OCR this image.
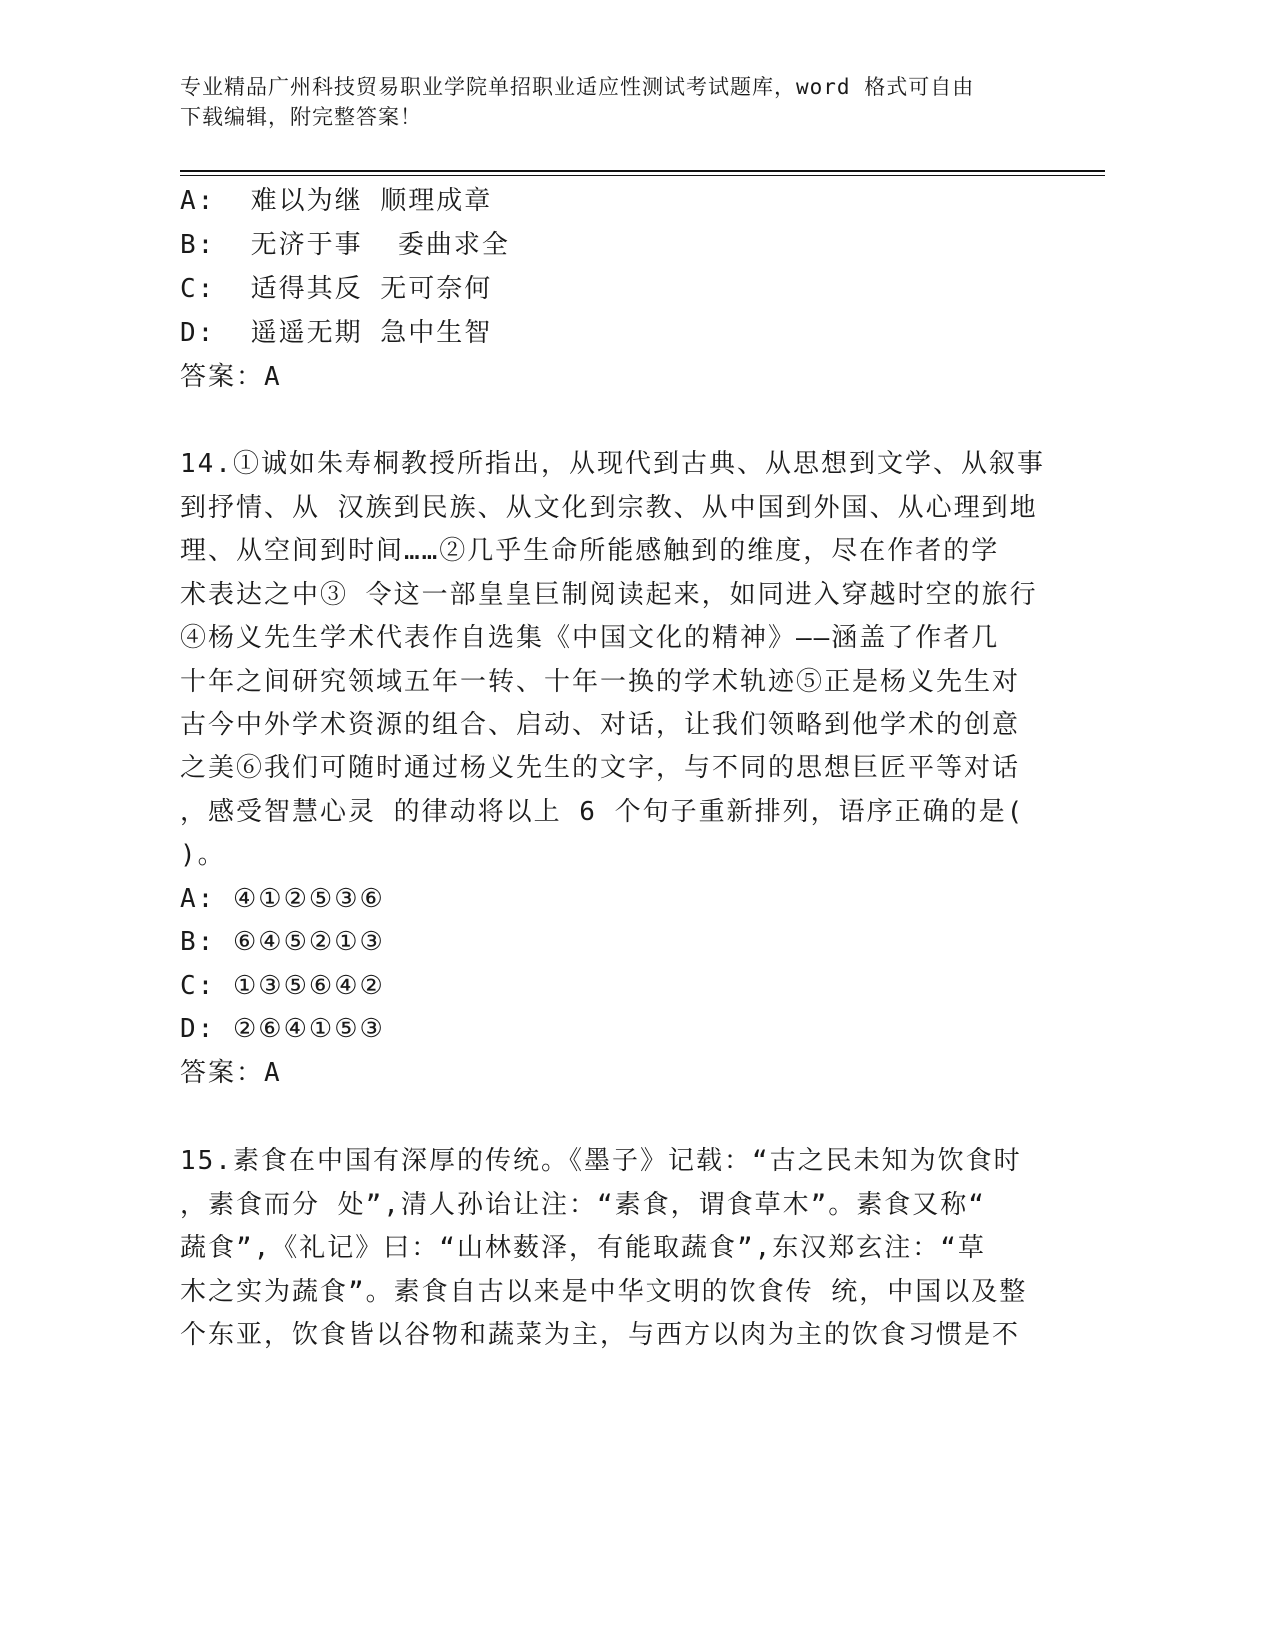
专业精品广州科技贸易职业学院单招职业适应性测试考试题库，word 格式可自由
下载编辑，附完整答案！
A:  难以为继 顺理成章
B:  无济于事  委曲求全
C:  适得其反 无可奈何
D:  遥遥无期 急中生智
答案：A
14.①诚如朱寿桐教授所指出，从现代到古典、从思想到文学、从叙事
到抒情、从 汉族到民族、从文化到宗教、从中国到外国、从心理到地
理、从空间到时间……②几乎生命所能感触到的维度，尽在作者的学
术表达之中③ 令这一部皇皇巨制阅读起来，如同进入穿越时空的旅行
④杨义先生学术代表作自选集《中国文化的精神》——涵盖了作者几
十年之间研究领域五年一转、十年一换的学术轨迹⑤正是杨义先生对
古今中外学术资源的组合、启动、对话，让我们领略到他学术的创意
之美⑥我们可随时通过杨义先生的文字，与不同的思想巨匠平等对话
，感受智慧心灵 的律动将以上 6 个句子重新排列，语序正确的是(
)。
A: ④①②⑤③⑥
B: ⑥④⑤②①③
C: ①③⑤⑥④②
D: ②⑥④①⑤③
答案：A
15.素食在中国有深厚的传统。《墨子》记载：“古之民未知为饮食时
，素食而分 处”,清人孙诒让注：“素食，谓食草木”。素食又称“
蔬食”,《礼记》曰：“山林薮泽，有能取蔬食”,东汉郑玄注：“草
木之实为蔬食”。素食自古以来是中华文明的饮食传 统，中国以及整
个东亚，饮食皆以谷物和蔬菜为主，与西方以肉为主的饮食习惯是不
